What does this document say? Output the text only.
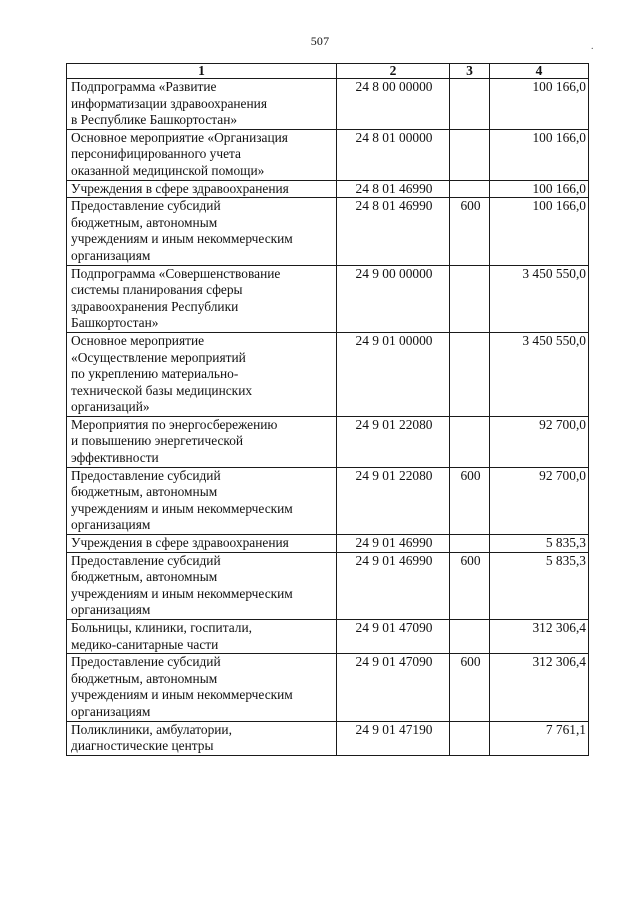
507	.
1	2	3	4
Подпрограмма «Развитие
информатизации здравоохранения
в Республике Башкортостан»	24 8 00 00000		100 166,0
Основное мероприятие «Организация
персонифицированного учета
оказанной медицинской помощи»	24 8 01 00000		100 166,0
Учреждения в сфере здравоохранения	24 8 01 46990		100 166,0
Предоставление субсидий
бюджетным, автономным
учреждениям и иным некоммерческим
организациям	24 8 01 46990	600	100 166,0
Подпрограмма «Совершенствование
системы планирования сферы
здравоохранения Республики
Башкортостан»	24 9 00 00000		3 450 550,0
Основное мероприятие
«Осуществление мероприятий
по укреплению материально-
технической базы медицинских
организаций»	24 9 01 00000		3 450 550,0
Мероприятия по энергосбережению
и повышению энергетической
эффективности	24 9 01 22080		92 700,0
Предоставление субсидий
бюджетным, автономным
учреждениям и иным некоммерческим
организациям	24 9 01 22080	600	92 700,0
Учреждения в сфере здравоохранения	24 9 01 46990		5 835,3
Предоставление субсидий
бюджетным, автономным
учреждениям и иным некоммерческим
организациям	24 9 01 46990	600	5 835,3
Больницы, клиники, госпитали,
медико-санитарные части	24 9 01 47090		312 306,4
Предоставление субсидий
бюджетным, автономным
учреждениям и иным некоммерческим
организациям	24 9 01 47090	600	312 306,4
Поликлиники, амбулатории,
диагностические центры	24 9 01 47190		7 761,1
